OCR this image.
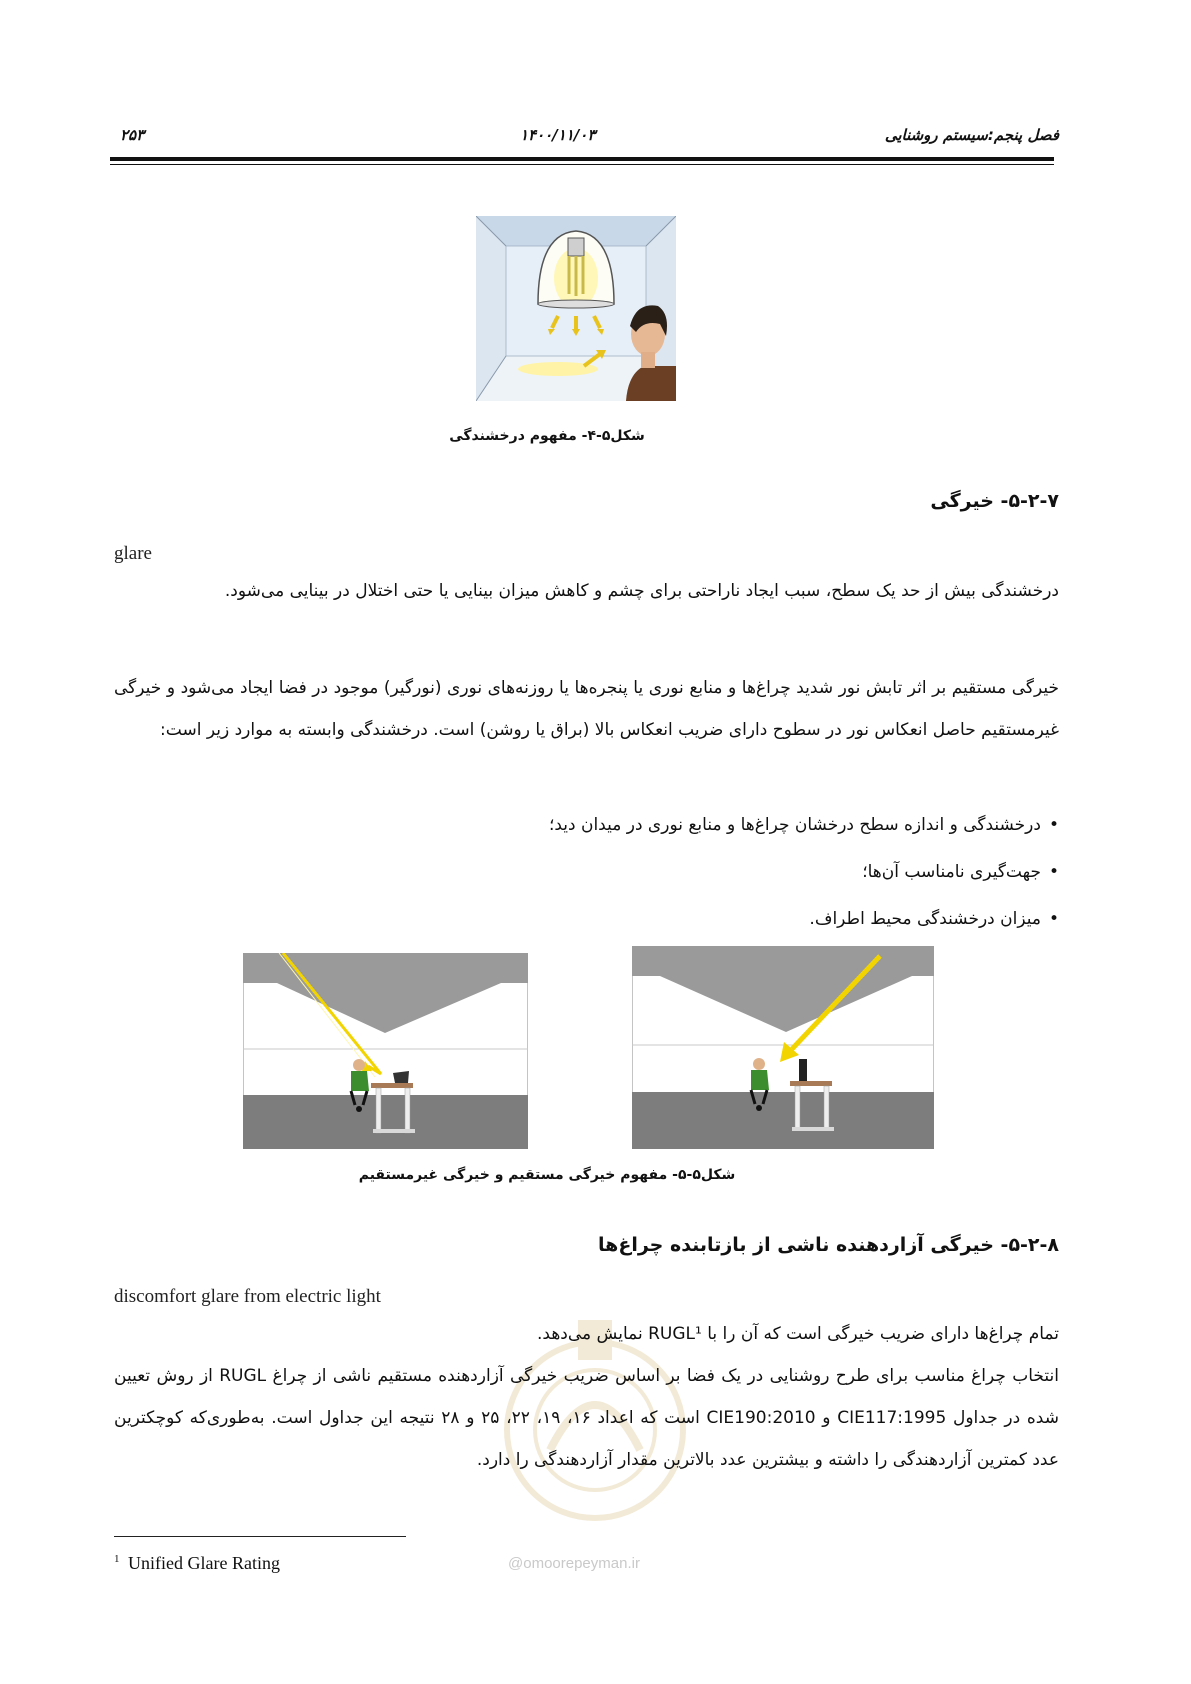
فصل پنجم:سیستم روشنایی
۱۴۰۰/۱۱/۰۳
۲۵۳
شکل۵-۴- مفهوم درخشندگی
۵-۲-۷- خیرگی
glare
درخشندگی بیش از حد یک سطح، سبب ایجاد ناراحتی برای چشم و کاهش میزان بینایی یا حتی اختلال در بینایی می‌شود.
خیرگی مستقیم بر اثر تابش نور شدید چراغ‌ها و منابع نوری یا پنجره‌ها یا روزنه‌های نوری (نورگیر) موجود در فضا ایجاد می‌شود و خیرگی غیرمستقیم حاصل انعکاس نور در سطوح دارای ضریب انعکاس بالا (براق یا روشن) است. درخشندگی وابسته به موارد زیر است:
• درخشندگی و اندازه سطح درخشان چراغ‌ها و منابع نوری در میدان دید؛
• جهت‌گیری نامناسب آن‌ها؛
• میزان درخشندگی محیط اطراف.
شکل۵-۵- مفهوم خیرگی مستقیم و خیرگی غیرمستقیم
@omoorepeyman.ir
۵-۲-۸- خیرگی آزاردهنده ناشی از بازتابنده چراغ‌ها
discomfort glare from electric light
تمام چراغ‌ها دارای ضریب خیرگی است که آن را با RUGL¹ نمایش می‌دهد.
انتخاب چراغ مناسب برای طرح روشنایی در یک فضا بر اساس ضریب خیرگی آزاردهنده مستقیم ناشی از چراغ RUGL از روش تعیین شده در جداول CIE117:1995 و CIE190:2010 است که اعداد ۱۶، ۱۹، ۲۲، ۲۵ و ۲۸ نتیجه این جداول است. به‌طوری‌که کوچکترین عدد کمترین آزاردهندگی را داشته و بیشترین عدد بالاترین مقدار آزاردهندگی را دارد.
$^1$ Unified Glare Rating
